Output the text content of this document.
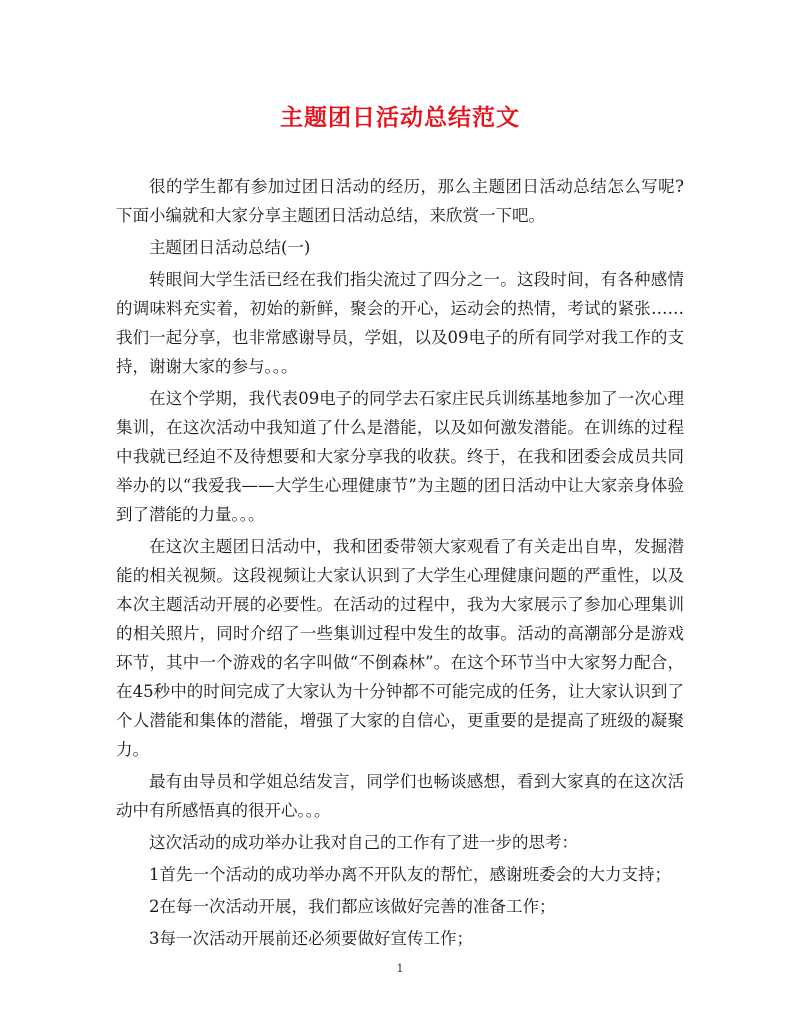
主题团日活动总结范文

很的学生都有参加过团日活动的经历，那么主题团日活动总结怎么写呢?下面小编就和大家分享主题团日活动总结，来欣赏一下吧。

主题团日活动总结(一)

转眼间大学生活已经在我们指尖流过了四分之一。这段时间，有各种感情的调味料充实着，初始的新鲜，聚会的开心，运动会的热情，考试的紧张……我们一起分享，也非常感谢导员，学姐，以及09电子的所有同学对我工作的支持，谢谢大家的参与。。。

在这个学期，我代表09电子的同学去石家庄民兵训练基地参加了一次心理集训，在这次活动中我知道了什么是潜能，以及如何激发潜能。在训练的过程中我就已经迫不及待想要和大家分享我的收获。终于，在我和团委会成员共同举办的以“我爱我——大学生心理健康节”为主题的团日活动中让大家亲身体验到了潜能的力量。。。

在这次主题团日活动中，我和团委带领大家观看了有关走出自卑，发掘潜能的相关视频。这段视频让大家认识到了大学生心理健康问题的严重性，以及本次主题活动开展的必要性。在活动的过程中，我为大家展示了参加心理集训的相关照片，同时介绍了一些集训过程中发生的故事。活动的高潮部分是游戏环节，其中一个游戏的名字叫做“不倒森林”。在这个环节当中大家努力配合，在45秒中的时间完成了大家认为十分钟都不可能完成的任务，让大家认识到了个人潜能和集体的潜能，增强了大家的自信心，更重要的是提高了班级的凝聚力。

最有由导员和学姐总结发言，同学们也畅谈感想，看到大家真的在这次活动中有所感悟真的很开心。。。

这次活动的成功举办让我对自己的工作有了进一步的思考：

1首先一个活动的成功举办离不开队友的帮忙，感谢班委会的大力支持；

2在每一次活动开展，我们都应该做好完善的准备工作；

3每一次活动开展前还必须要做好宣传工作；

1
